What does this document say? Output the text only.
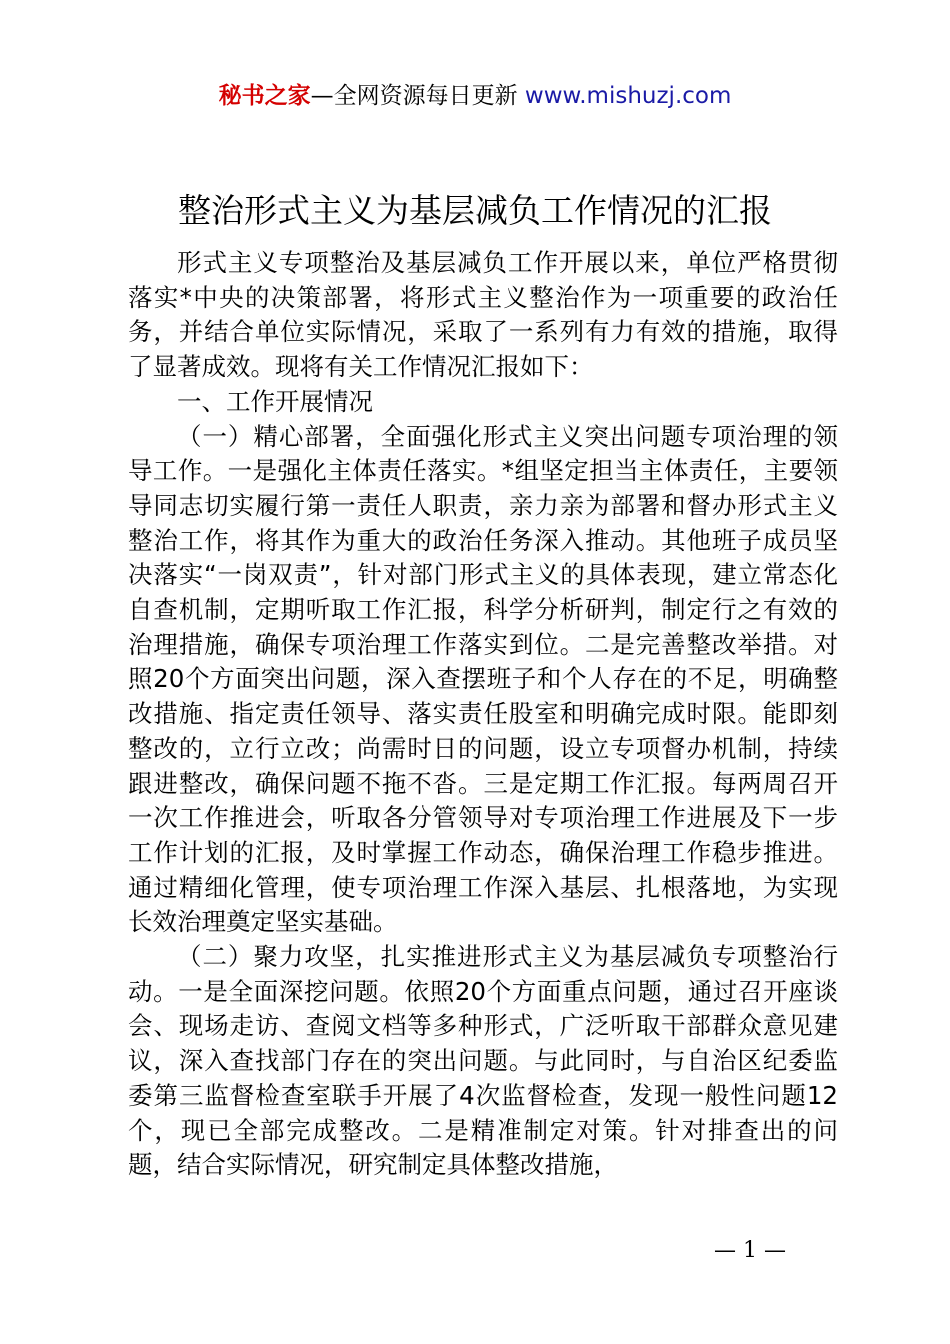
秘书之家—全网资源每日更新 www.mishuzj.com
整治形式主义为基层减负工作情况的汇报

形式主义专项整治及基层减负工作开展以来，单位严格贯彻落实*中央的决策部署，将形式主义整治作为一项重要的政治任务，并结合单位实际情况，采取了一系列有力有效的措施，取得了显著成效。现将有关工作情况汇报如下：

一、工作开展情况

（一）精心部署，全面强化形式主义突出问题专项治理的领导工作。一是强化主体责任落实。*组坚定担当主体责任，主要领导同志切实履行第一责任人职责，亲力亲为部署和督办形式主义整治工作，将其作为重大的政治任务深入推动。其他班子成员坚决落实“一岗双责”，针对部门形式主义的具体表现，建立常态化自查机制，定期听取工作汇报，科学分析研判，制定行之有效的治理措施，确保专项治理工作落实到位。二是完善整改举措。对照20个方面突出问题，深入查摆班子和个人存在的不足，明确整改措施、指定责任领导、落实责任股室和明确完成时限。能即刻整改的，立行立改；尚需时日的问题，设立专项督办机制，持续跟进整改，确保问题不拖不沓。三是定期工作汇报。每两周召开一次工作推进会，听取各分管领导对专项治理工作进展及下一步工作计划的汇报，及时掌握工作动态，确保治理工作稳步推进。通过精细化管理，使专项治理工作深入基层、扎根落地，为实现长效治理奠定坚实基础。

（二）聚力攻坚，扎实推进形式主义为基层减负专项整治行动。一是全面深挖问题。依照20个方面重点问题，通过召开座谈会、现场走访、查阅文档等多种形式，广泛听取干部群众意见建议，深入查找部门存在的突出问题。与此同时，与自治区纪委监委第三监督检查室联手开展了4次监督检查，发现一般性问题12个，现已全部完成整改。二是精准制定对策。针对排查出的问题，结合实际情况，研究制定具体整改措施，

— 1 —
